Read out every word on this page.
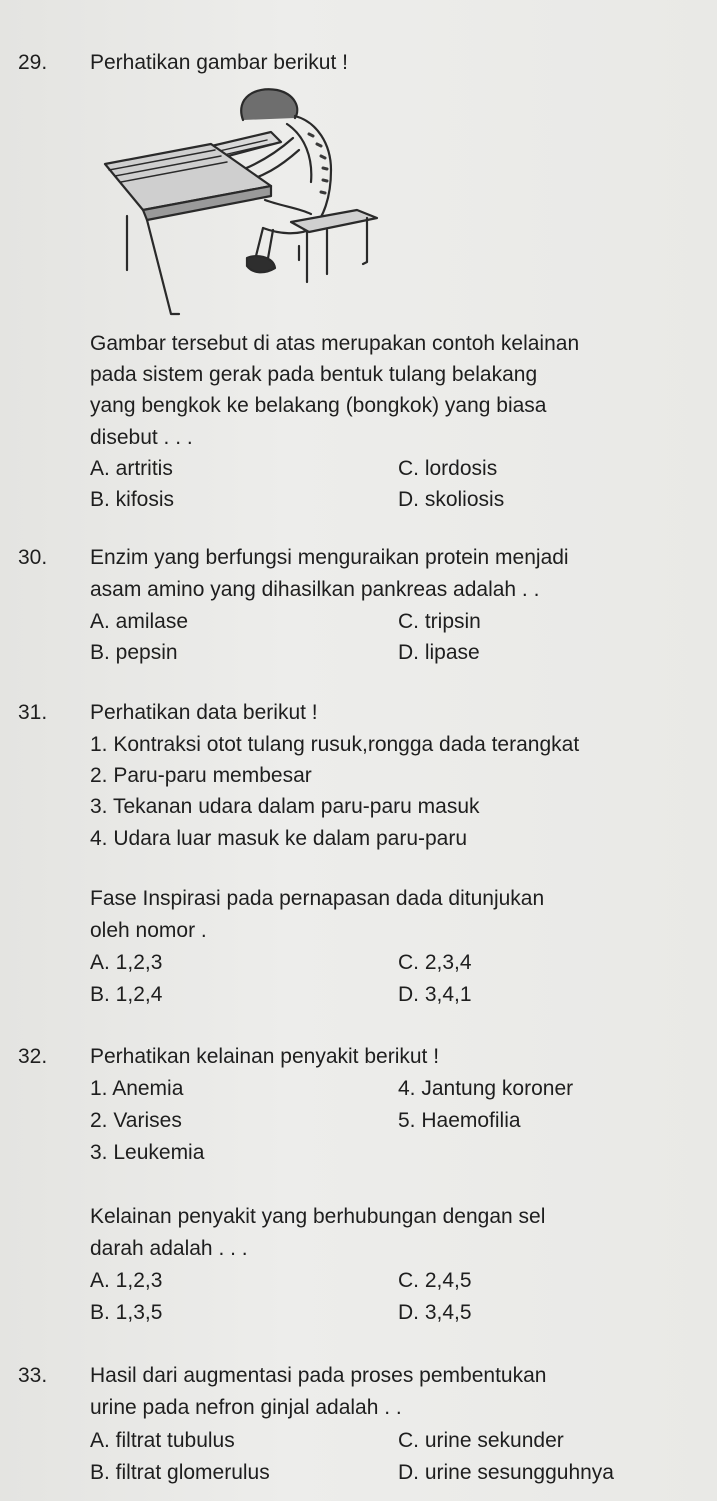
29. Perhatikan gambar berikut !
Gambar tersebut di atas merupakan contoh kelainan
pada sistem gerak pada bentuk tulang belakang
yang bengkok ke belakang (bongkok) yang biasa
disebut . . .
A. artritis	C. lordosis
B. kifosis	D. skoliosis
30. Enzim yang berfungsi menguraikan protein menjadi
asam amino yang dihasilkan pankreas adalah . .
A. amilase	C. tripsin
B. pepsin	D. lipase
31. Perhatikan data berikut !
1. Kontraksi otot tulang rusuk,rongga dada terangkat
2. Paru-paru membesar
3. Tekanan udara dalam paru-paru masuk
4. Udara luar masuk ke dalam paru-paru
Fase Inspirasi pada pernapasan dada ditunjukan
oleh nomor .
A. 1,2,3	C. 2,3,4
B. 1,2,4	D. 3,4,1
32. Perhatikan kelainan penyakit berikut !
1. Anemia	4. Jantung koroner
2. Varises	5. Haemofilia
3. Leukemia
Kelainan penyakit yang berhubungan dengan sel
darah adalah . . .
A. 1,2,3	C. 2,4,5
B. 1,3,5	D. 3,4,5
33. Hasil dari augmentasi pada proses pembentukan
urine pada nefron ginjal adalah . .
A. filtrat tubulus	C. urine sekunder
B. filtrat glomerulus	D. urine sesungguhnya
